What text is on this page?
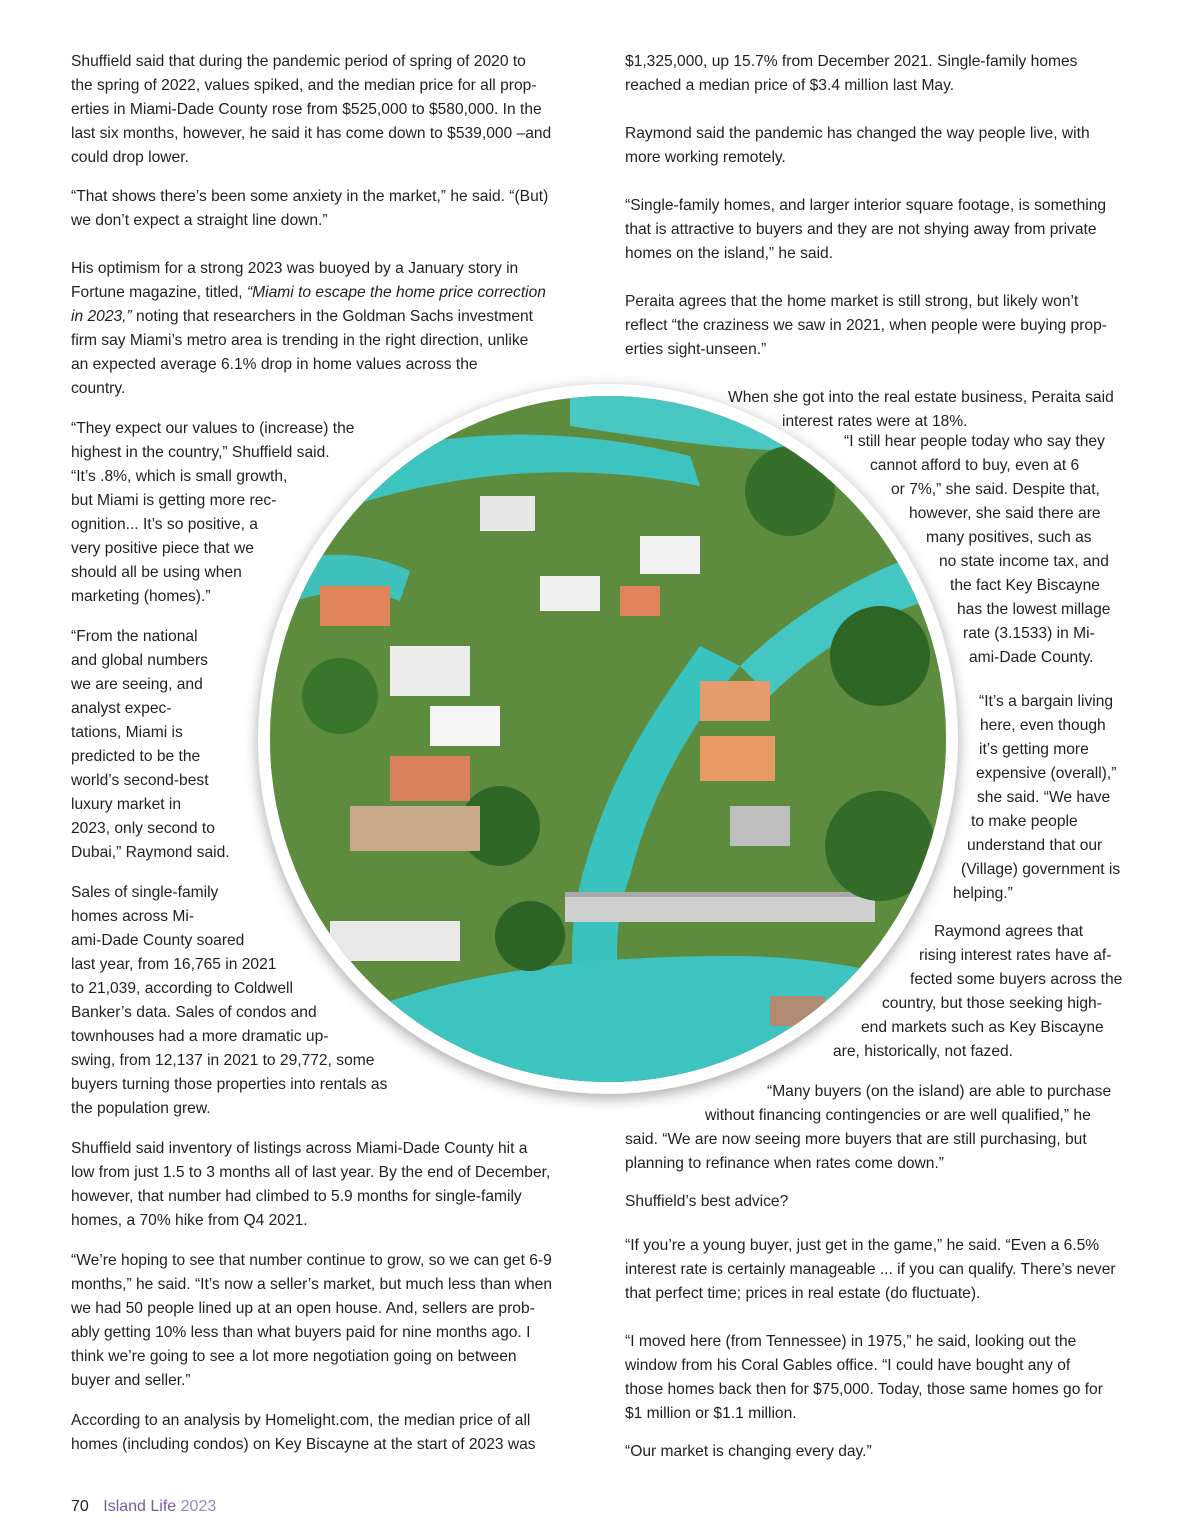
Shuffield said that during the pandemic period of spring of 2020 to
the spring of 2022, values spiked, and the median price for all prop-
erties in Miami-Dade County rose from $525,000 to $580,000. In the
last six months, however, he said it has come down to $539,000 –and
could drop lower.

“That shows there’s been some anxiety in the market,” he said. “(But)
we don’t expect a straight line down.”

His optimism for a strong 2023 was buoyed by a January story in
Fortune magazine, titled, “Miami to escape the home price correction
in 2023,” noting that researchers in the Goldman Sachs investment
firm say Miami’s metro area is trending in the right direction, unlike
an expected average 6.1% drop in home values across the
country.

“They expect our values to (increase) the
highest in the country,” Shuffield said.
“It’s .8%, which is small growth,
but Miami is getting more rec-
ognition... It’s so positive, a
very positive piece that we
should all be using when
marketing (homes).”

“From the national
and global numbers
we are seeing, and
analyst expec-
tations, Miami is
predicted to be the
world’s second-best
luxury market in
2023, only second to
Dubai,” Raymond said.

Sales of single-family
homes across Mi-
ami-Dade County soared
last year, from 16,765 in 2021
to 21,039, according to Coldwell
Banker’s data. Sales of condos and
townhouses had a more dramatic up-
swing, from 12,137 in 2021 to 29,772, some
buyers turning those properties into rentals as
the population grew.

Shuffield said inventory of listings across Miami-Dade County hit a
low from just 1.5 to 3 months all of last year. By the end of December,
however, that number had climbed to 5.9 months for single-family
homes, a 70% hike from Q4 2021.

“We’re hoping to see that number continue to grow, so we can get 6-9
months,” he said. “It’s now a seller’s market, but much less than when
we had 50 people lined up at an open house. And, sellers are prob-
ably getting 10% less than what buyers paid for nine months ago. I
think we’re going to see a lot more negotiation going on between
buyer and seller.”

According to an analysis by Homelight.com, the median price of all
homes (including condos) on Key Biscayne at the start of 2023 was

$1,325,000, up 15.7% from December 2021. Single-family homes
reached a median price of $3.4 million last May.

Raymond said the pandemic has changed the way people live, with
more working remotely.

“Single-family homes, and larger interior square footage, is something
that is attractive to buyers and they are not shying away from private
homes on the island,” he said.

Peraita agrees that the home market is still strong, but likely won’t
reflect “the craziness we saw in 2021, when people were buying prop-
erties sight-unseen.”

When she got into the real estate business, Peraita said
interest rates were at 18%.

“I still hear people today who say they
cannot afford to buy, even at 6
or 7%,” she said. Despite that,
however, she said there are
many positives, such as
no state income tax, and
the fact Key Biscayne
has the lowest millage
rate (3.1533) in Mi-
ami-Dade County.

“It’s a bargain living
here, even though
it’s getting more
expensive (overall),”
she said. “We have
to make people
understand that our
(Village) government is
helping.”

Raymond agrees that
rising interest rates have af-
fected some buyers across the
country, but those seeking high-
end markets such as Key Biscayne
are, historically, not fazed.

“Many buyers (on the island) are able to purchase
without financing contingencies or are well qualified,” he
said. “We are now seeing more buyers that are still purchasing, but
planning to refinance when rates come down.”

Shuffield’s best advice?

“If you’re a young buyer, just get in the game,” he said. “Even a 6.5%
interest rate is certainly manageable ... if you can qualify. There’s never
that perfect time; prices in real estate (do fluctuate).

“I moved here (from Tennessee) in 1975,” he said, looking out the
window from his Coral Gables office. “I could have bought any of
those homes back then for $75,000. Today, those same homes go for
$1 million or $1.1 million.

“Our market is changing every day.”

70 Island Life 2023
